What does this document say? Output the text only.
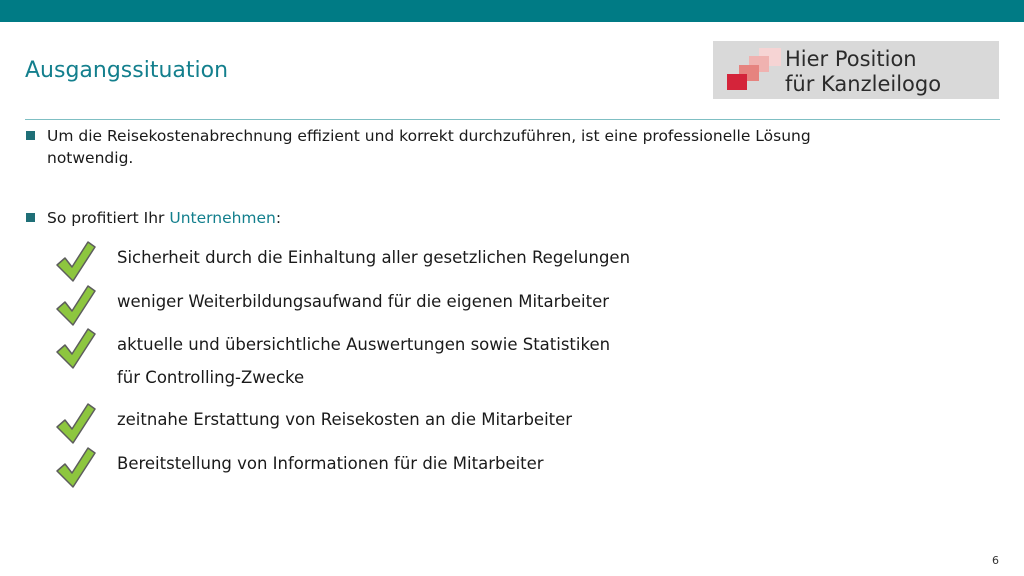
Ausgangssituation	Hier Position
für Kanzleilogo
Um die Reisekostenabrechnung effizient und korrekt durchzuführen, ist eine professionelle Lösung
notwendig.
So profitiert Ihr Unternehmen:
Sicherheit durch die Einhaltung aller gesetzlichen Regelungen
weniger Weiterbildungsaufwand für die eigenen Mitarbeiter
aktuelle und übersichtliche Auswertungen sowie Statistiken
für Controlling-Zwecke
zeitnahe Erstattung von Reisekosten an die Mitarbeiter
Bereitstellung von Informationen für die Mitarbeiter
6
